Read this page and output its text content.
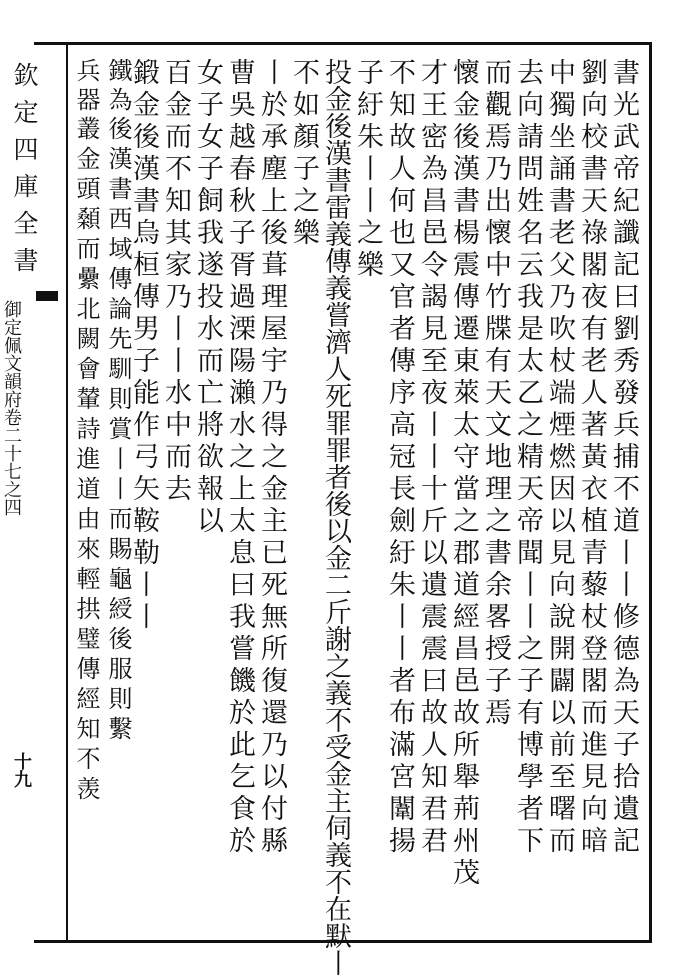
欽定四庫全書
御定佩文韻府卷二十七之四
十九	書光武帝紀讖記曰劉秀發兵捕不道丨丨修德為天子拾遺記
劉向校書天祿閣夜有老人著黃衣植青藜杖登閣而進見向暗
中獨坐誦書老父乃吹杖端煙燃因以見向說開闢以前至曙而
去向請問姓名云我是太乙之精天帝聞丨丨之子有博學者下
而觀焉乃出懷中竹牒有天文地理之書余畧授子焉
懷金後漢書楊震傳遷東萊太守當之郡道經昌邑故所舉荊州茂
才王密為昌邑令謁見至夜丨丨十斤以遺震震曰故人知君君
不知故人何也又官者傳序高冠長劍紆朱丨丨者布滿宮闈揚
子紆朱丨丨之樂
投金後漢書雷義傳義嘗濟人死罪罪者後以金二斤謝之義不受金主伺義不在默丨
不如顏子之樂
丨於承塵上後葺理屋宇乃得之金主已死無所復還乃以付縣
曹吳越春秋子胥過溧陽瀨水之上太息曰我嘗饑於此乞食於
女子女子飼我遂投水而亡將欲報以
百金而不知其家乃丨丨水中而去
鍛金後漢書烏桓傳男子能作弓矢鞍勒丨丨
鐵為
兵器
叢金頭顙而纍北闕會輦詩進道由來輕拱璧傳經知不羡 後漢書西域傳論先馴則賞丨丨而賜龜綬後服則繫
